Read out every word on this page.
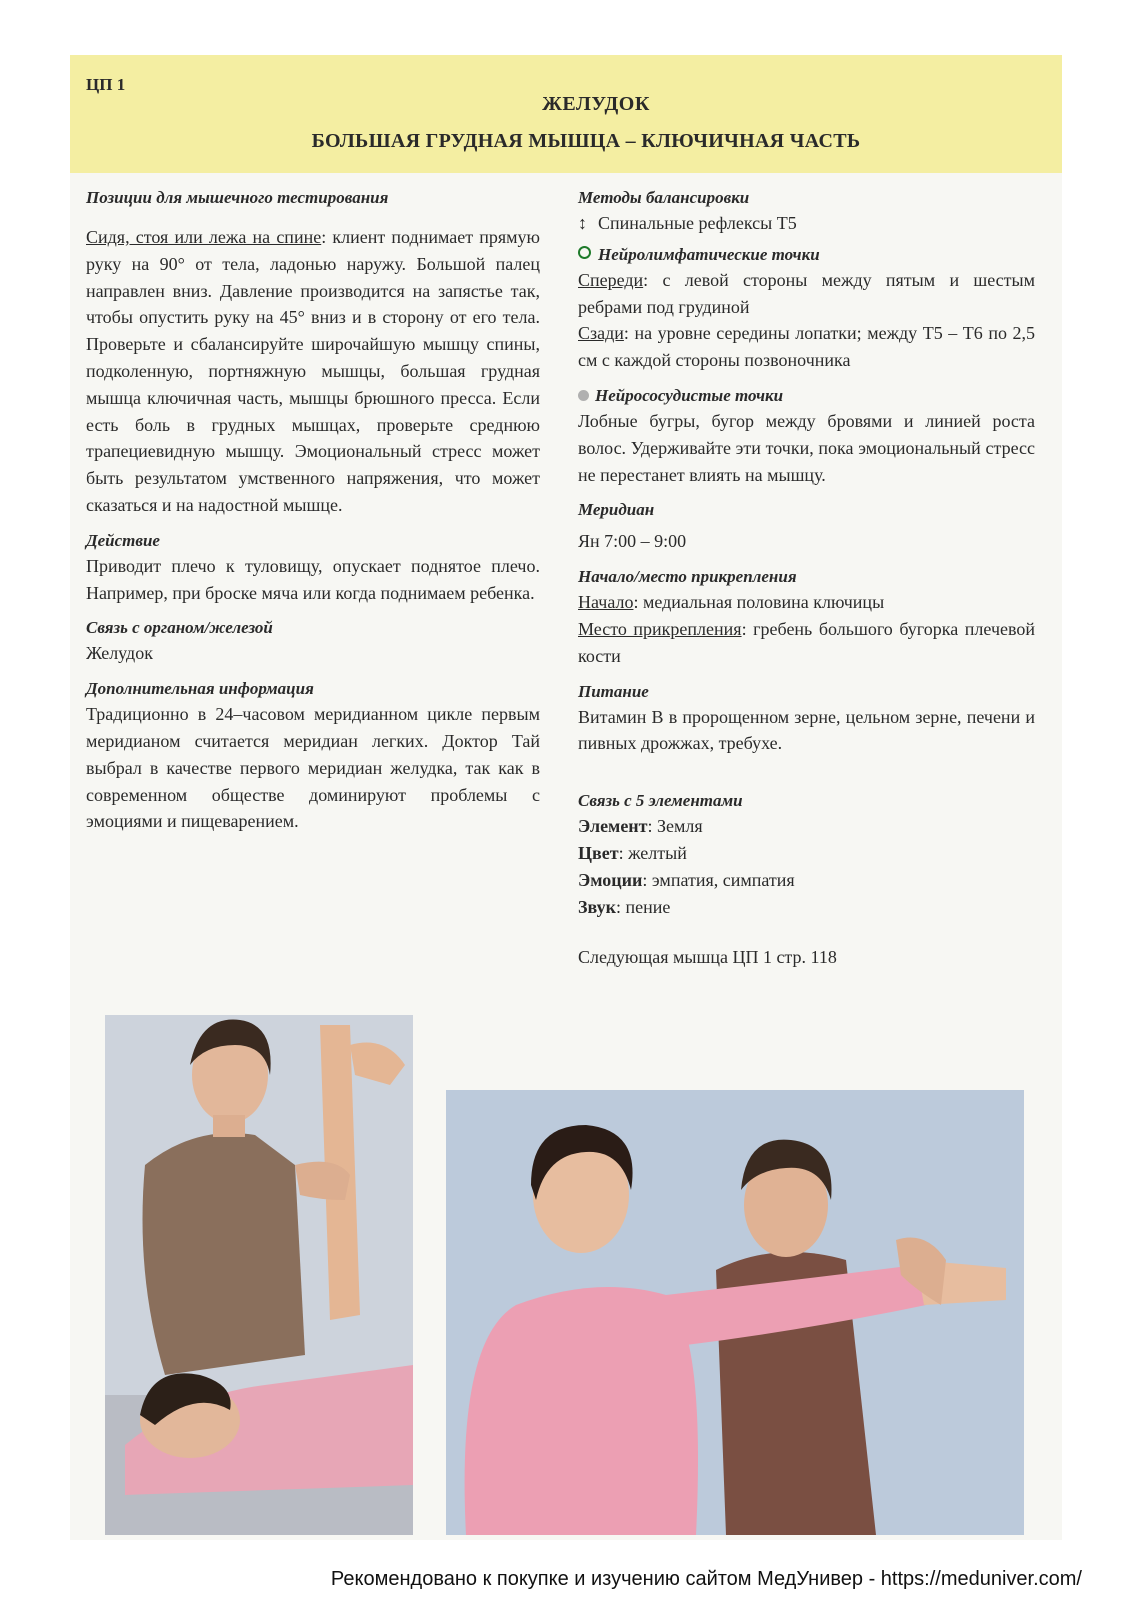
ЦП 1
ЖЕЛУДОК
БОЛЬШАЯ ГРУДНАЯ МЫШЦА – КЛЮЧИЧНАЯ ЧАСТЬ
Позиции для мышечного тестирования

Сидя, стоя или лежа на спине: клиент поднимает прямую руку на 90° от тела, ладонью наружу. Большой палец направлен вниз. Давление производится на запястье так, чтобы опустить руку на 45° вниз и в сторону от его тела. Проверьте и сбалансируйте широчайшую мышцу спины, подколенную, портняжную мышцы, большая грудная мышца ключичная часть, мышцы брюшного пресса. Если есть боль в грудных мышцах, проверьте среднюю трапециевидную мышцу. Эмоциональный стресс может быть результатом умственного напряжения, что может сказаться и на надостной мышце.

Действие

Приводит плечо к туловищу, опускает поднятое плечо. Например, при броске мяча или когда поднимаем ребенка.

Связь с органом/железой

Желудок

Дополнительная информация

Традиционно в 24–часовом меридианном цикле первым меридианом считается меридиан легких. Доктор Тай выбрал в качестве первого меридиан желудка, так как в современном обществе доминируют проблемы с эмоциями и пищеварением.

Методы балансировки

↕ Спинальные рефлексы Т5

Нейролимфатические точки

Спереди: с левой стороны между пятым и шестым ребрами под грудиной

Сзади: на уровне середины лопатки; между Т5 – Т6 по 2,5 см с каждой стороны позвоночника

Нейрососудистые точки

Лобные бугры, бугор между бровями и линией роста волос. Удерживайте эти точки, пока эмоциональный стресс не перестанет влиять на мышцу.

Меридиан

Ян 7:00 – 9:00

Начало/место прикрепления

Начало: медиальная половина ключицы

Место прикрепления: гребень большого бугорка плечевой кости

Питание

Витамин В в пророщенном зерне, цельном зерне, печени и пивных дрожжах, требухе.

Связь с 5 элементами

Элемент: Земля

Цвет: желтый

Эмоции: эмпатия, симпатия

Звук: пение

Следующая мышца ЦП 1 стр. 118

Рекомендовано к покупке и изучению сайтом МедУнивер - https://meduniver.com/
